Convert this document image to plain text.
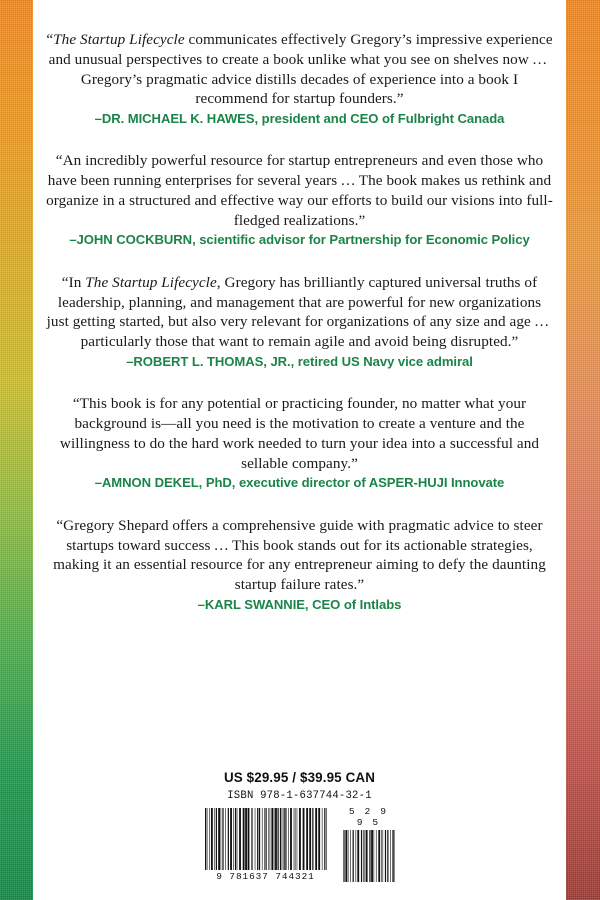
“The Startup Lifecycle communicates effectively Gregory’s impressive experience and unusual perspectives to create a book unlike what you see on shelves now … Gregory’s pragmatic advice distills decades of experience into a book I recommend for startup founders.”
–DR. MICHAEL K. HAWES, president and CEO of Fulbright Canada
“An incredibly powerful resource for startup entrepreneurs and even those who have been running enterprises for several years … The book makes us rethink and organize in a structured and effective way our efforts to build our visions into full-fledged realizations.”
–JOHN COCKBURN, scientific advisor for Partnership for Economic Policy
“In The Startup Lifecycle, Gregory has brilliantly captured universal truths of leadership, planning, and management that are powerful for new organizations just getting started, but also very relevant for organizations of any size and age … particularly those that want to remain agile and avoid being disrupted.”
–ROBERT L. THOMAS, JR., retired US Navy vice admiral
“This book is for any potential or practicing founder, no matter what your background is—all you need is the motivation to create a venture and the willingness to do the hard work needed to turn your idea into a successful and sellable company.”
–AMNON DEKEL, PhD, executive director of ASPER-HUJI Innovate
“Gregory Shepard offers a comprehensive guide with pragmatic advice to steer startups toward success … This book stands out for its actionable strategies, making it an essential resource for any entrepreneur aiming to defy the daunting startup failure rates.”
–KARL SWANNIE, CEO of Intlabs
US $29.95 / $39.95 CAN
ISBN 978-1-637744-32-1
9 781637 744321
5 2 9 9 5
